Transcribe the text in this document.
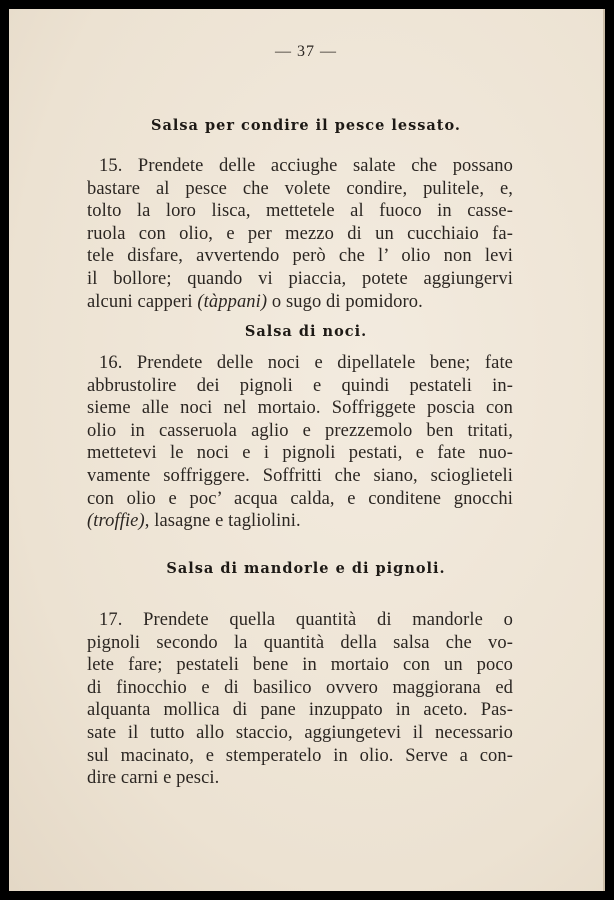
— 37 —
Salsa per condire il pesce lessato.
15. Prendete delle acciughe salate che possano
bastare al pesce che volete condire, pulitele, e,
tolto la loro lisca, mettetele al fuoco in casse-
ruola con olio, e per mezzo di un cucchiaio fa-
tele disfare, avvertendo però che l’ olio non levi
il bollore; quando vi piaccia, potete aggiungervi
alcuni capperi (tàppani) o sugo di pomidoro.
Salsa di noci.
16. Prendete delle noci e dipellatele bene; fate
abbrustolire dei pignoli e quindi pestateli in-
sieme alle noci nel mortaio. Soffriggete poscia con
olio in casseruola aglio e prezzemolo ben tritati,
mettetevi le noci e i pignoli pestati, e fate nuo-
vamente soffriggere. Soffritti che siano, scioglieteli
con olio e poc’ acqua calda, e conditene gnocchi
(troffie), lasagne e tagliolini.
Salsa di mandorle e di pignoli.
17. Prendete quella quantità di mandorle o
pignoli secondo la quantità della salsa che vo-
lete fare; pestateli bene in mortaio con un poco
di finocchio e di basilico ovvero maggiorana ed
alquanta mollica di pane inzuppato in aceto. Pas-
sate il tutto allo staccio, aggiungetevi il necessario
sul macinato, e stemperatelo in olio. Serve a con-
dire carni e pesci.
